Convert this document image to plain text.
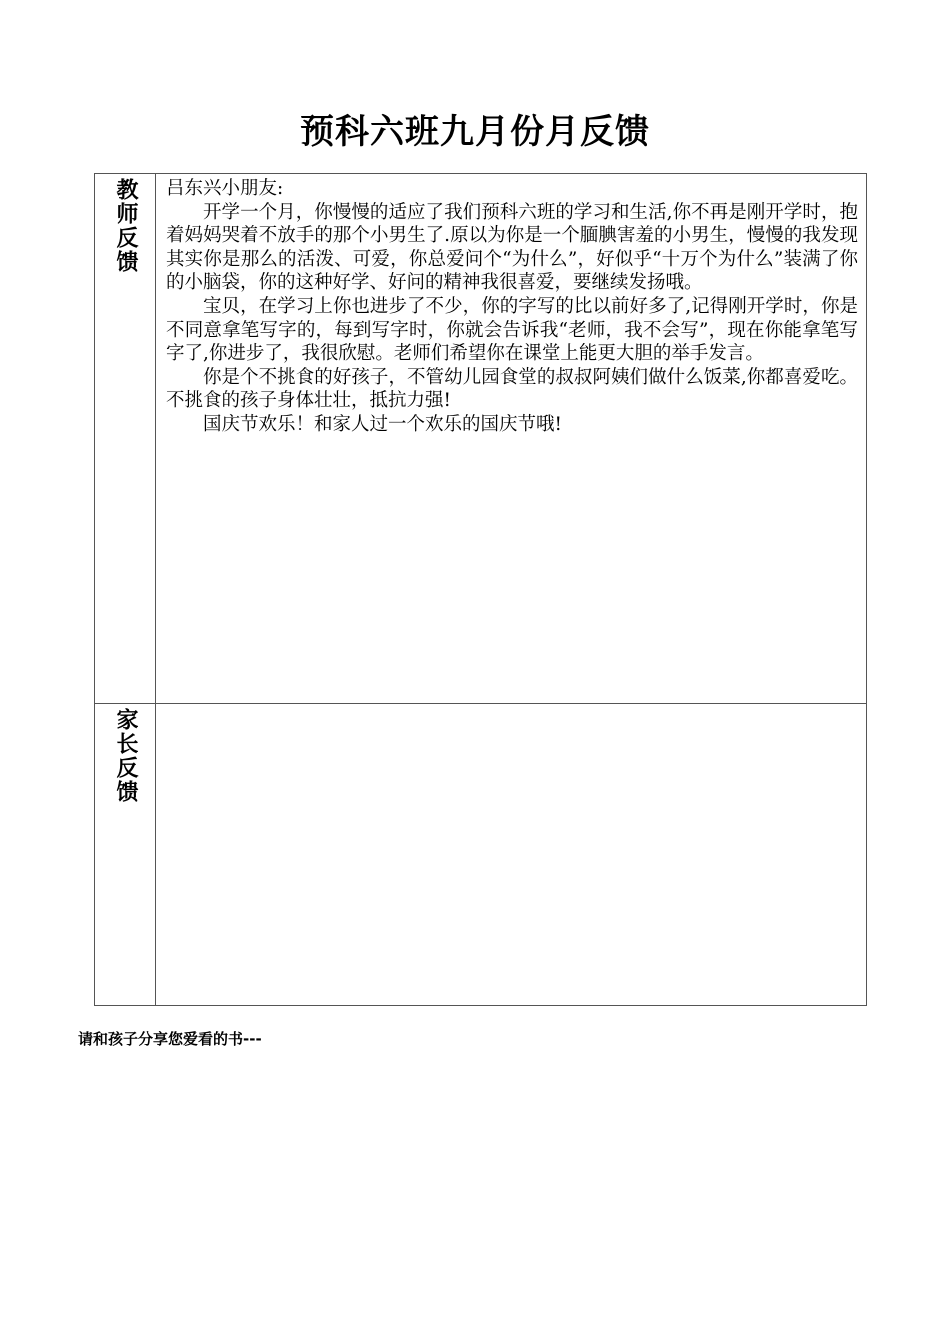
预科六班九月份月反馈
教师反馈	吕东兴小朋友:

开学一个月，你慢慢的适应了我们预科六班的学习和生活,你不再是刚开学时，抱着妈妈哭着不放手的那个小男生了.原以为你是一个腼腆害羞的小男生，慢慢的我发现其实你是那么的活泼、可爱，你总爱问个“为什么”，好似乎“十万个为什么”装满了你的小脑袋，你的这种好学、好问的精神我很喜爱，要继续发扬哦。

宝贝，在学习上你也进步了不少，你的字写的比以前好多了,记得刚开学时，你是不同意拿笔写字的，每到写字时，你就会告诉我“老师，我不会写”，现在你能拿笔写字了,你进步了，我很欣慰。老师们希望你在课堂上能更大胆的举手发言。

你是个不挑食的好孩子，不管幼儿园食堂的叔叔阿姨们做什么饭菜,你都喜爱吃。不挑食的孩子身体壮壮，抵抗力强!

国庆节欢乐！和家人过一个欢乐的国庆节哦!

家长反馈	
请和孩子分享您爱看的书---
